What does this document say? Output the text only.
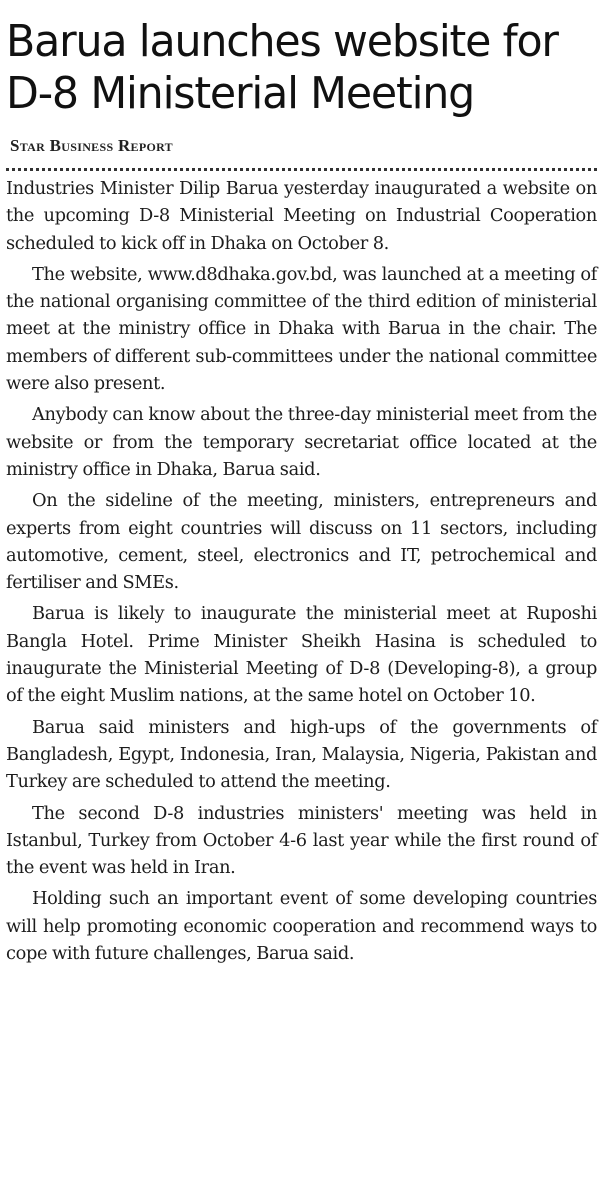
Barua launches website for D-8 Ministerial Meeting
Star Business Report

Industries Minister Dilip Barua yesterday inaugurated a website on the upcoming D-8 Ministerial Meeting on Industrial Cooperation scheduled to kick off in Dhaka on October 8.

The website, www.d8dhaka.gov.bd, was launched at a meeting of the national organising committee of the third edition of ministerial meet at the ministry office in Dhaka with Barua in the chair. The members of different sub-committees under the national committee were also present.

Anybody can know about the three-day ministerial meet from the website or from the temporary secretariat office located at the ministry office in Dhaka, Barua said.

On the sideline of the meeting, ministers, entrepreneurs and experts from eight countries will discuss on 11 sectors, including automotive, cement, steel, electronics and IT, petrochemical and fertiliser and SMEs.

Barua is likely to inaugurate the ministerial meet at Ruposhi Bangla Hotel. Prime Minister Sheikh Hasina is scheduled to inaugurate the Ministerial Meeting of D-8 (Developing-8), a group of the eight Muslim nations, at the same hotel on October 10.

Barua said ministers and high-ups of the governments of Bangladesh, Egypt, Indonesia, Iran, Malaysia, Nigeria, Pakistan and Turkey are scheduled to attend the meeting.

The second D-8 industries ministers' meeting was held in Istanbul, Turkey from October 4-6 last year while the first round of the event was held in Iran.

Holding such an important event of some developing countries will help promoting economic cooperation and recommend ways to cope with future challenges, Barua said.
